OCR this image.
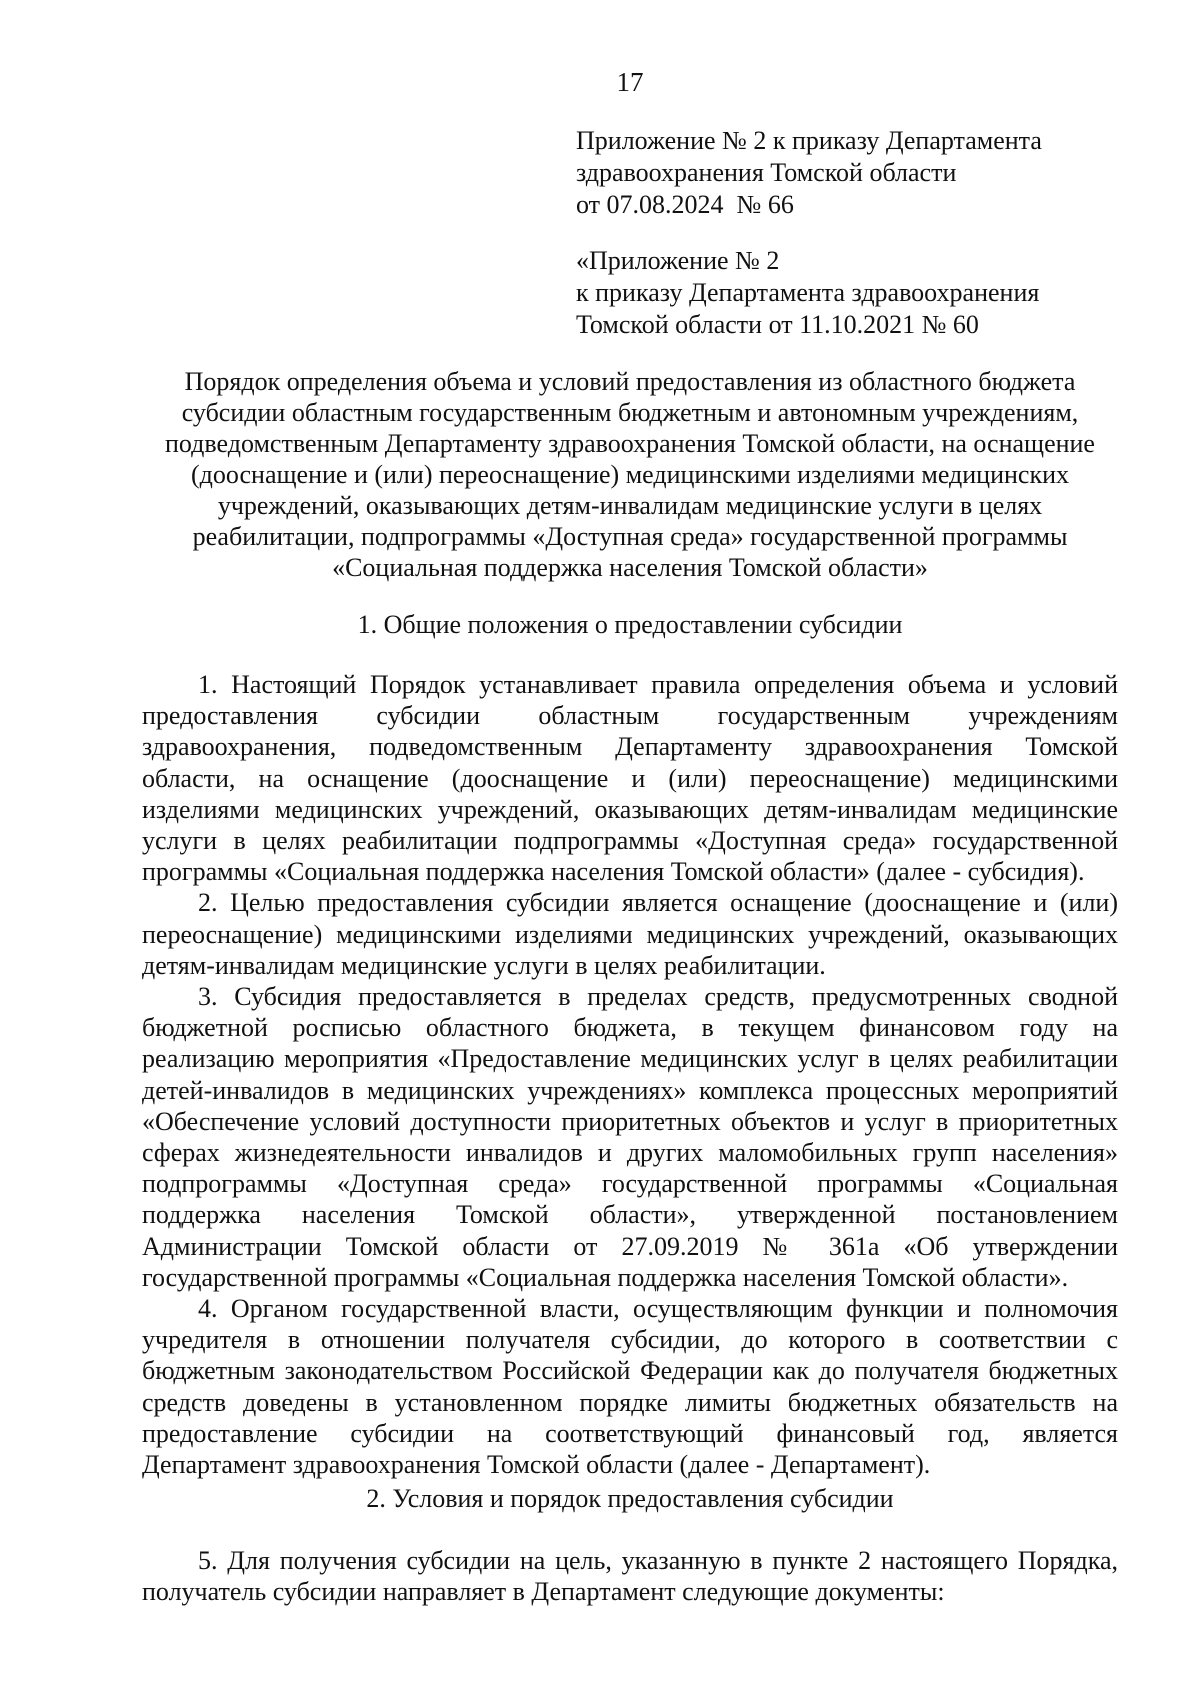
17
Приложение № 2 к приказу Департамента
здравоохранения Томской области
от 07.08.2024  № 66
«Приложение № 2
к приказу Департамента здравоохранения
Томской области от 11.10.2021 № 60
Порядок определения объема и условий предоставления из областного бюджета
субсидии областным государственным бюджетным и автономным учреждениям,
подведомственным Департаменту здравоохранения Томской области, на оснащение
(дооснащение и (или) переоснащение) медицинскими изделиями медицинских
учреждений, оказывающих детям-инвалидам медицинские услуги в целях
реабилитации, подпрограммы «Доступная среда» государственной программы
«Социальная поддержка населения Томской области»
1. Общие положения о предоставлении субсидии
1. Настоящий Порядок устанавливает правила определения объема и условий
предоставления субсидии областным государственным учреждениям
здравоохранения, подведомственным Департаменту здравоохранения Томской
области, на оснащение (дооснащение и (или) переоснащение) медицинскими
изделиями медицинских учреждений, оказывающих детям-инвалидам медицинские
услуги в целях реабилитации подпрограммы «Доступная среда» государственной
программы «Социальная поддержка населения Томской области» (далее - субсидия).
2. Целью предоставления субсидии является оснащение (дооснащение и (или)
переоснащение) медицинскими изделиями медицинских учреждений, оказывающих
детям-инвалидам медицинские услуги в целях реабилитации.
3. Субсидия предоставляется в пределах средств, предусмотренных сводной
бюджетной росписью областного бюджета, в текущем финансовом году на
реализацию мероприятия «Предоставление медицинских услуг в целях реабилитации
детей-инвалидов в медицинских учреждениях» комплекса процессных мероприятий
«Обеспечение условий доступности приоритетных объектов и услуг в приоритетных
сферах жизнедеятельности инвалидов и других маломобильных групп населения»
подпрограммы «Доступная среда» государственной программы «Социальная
поддержка населения Томской области», утвержденной постановлением
Администрации Томской области от 27.09.2019 № 361а «Об утверждении
государственной программы «Социальная поддержка населения Томской области».
4. Органом государственной власти, осуществляющим функции и полномочия
учредителя в отношении получателя субсидии, до которого в соответствии с
бюджетным законодательством Российской Федерации как до получателя бюджетных
средств доведены в установленном порядке лимиты бюджетных обязательств на
предоставление субсидии на соответствующий финансовый год, является
Департамент здравоохранения Томской области (далее - Департамент).
2. Условия и порядок предоставления субсидии
5. Для получения субсидии на цель, указанную в пункте 2 настоящего Порядка,
получатель субсидии направляет в Департамент следующие документы:
